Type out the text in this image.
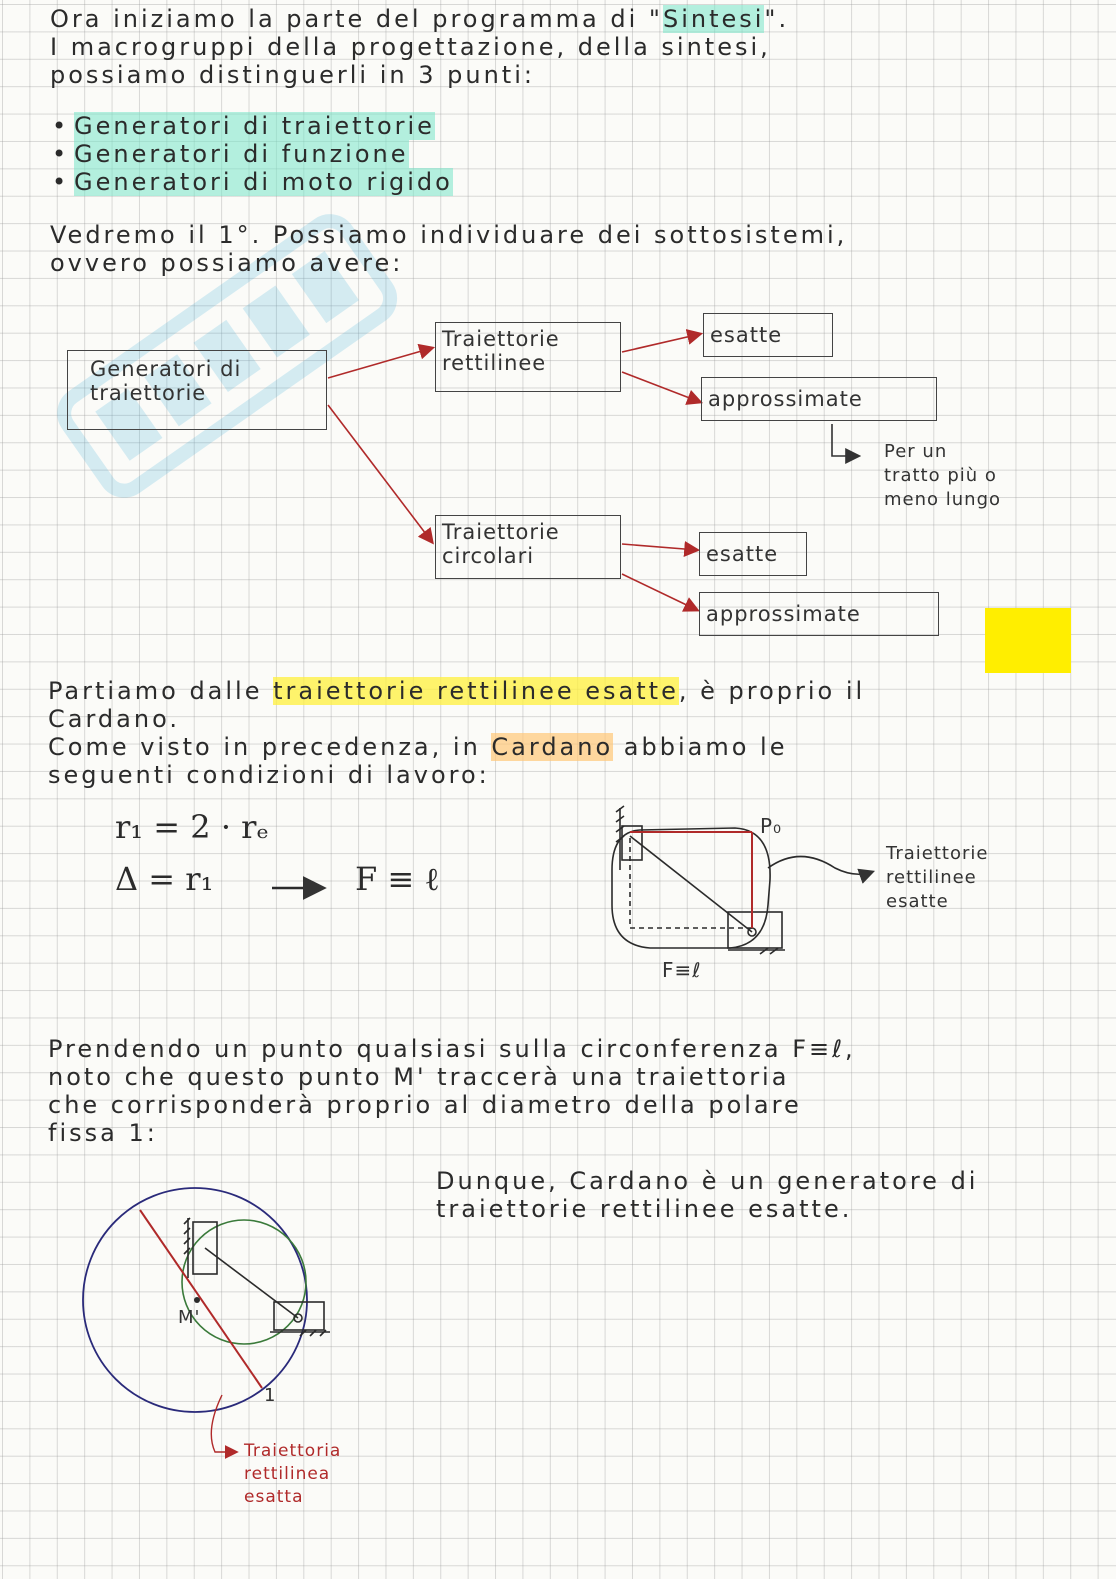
Ora iniziamo la parte del programma di "Sintesi".
I macrogruppi della progettazione, della sintesi,
possiamo distinguerli in 3 punti:
• Generatori di traiettorie
• Generatori di funzione
• Generatori di moto rigido
Vedremo il 1°. Possiamo individuare dei sottosistemi,
ovvero possiamo avere:
Generatori di traiettorie
Traiettorie rettilinee
Traiettorie circolari
esatte
approssimate
esatte
approssimate
Per un
tratto più o
meno lungo
Partiamo dalle traiettorie rettilinee esatte, è proprio il
Cardano.
Come visto in precedenza, in Cardano abbiamo le
seguenti condizioni di lavoro:
r₁ = 2 · rₑ
Δ = r₁	F ≡ ℓ
P₀
F≡ℓ
Traiettorie
rettilinee
esatte
Prendendo un punto qualsiasi sulla circonferenza F≡ℓ,
noto che questo punto M' traccerà una traiettoria
che corrisponderà proprio al diametro della polare
fissa 1:
Dunque, Cardano è un generatore di
traiettorie rettilinee esatte.
M'
1
Traiettoria
rettilinea
esatta
